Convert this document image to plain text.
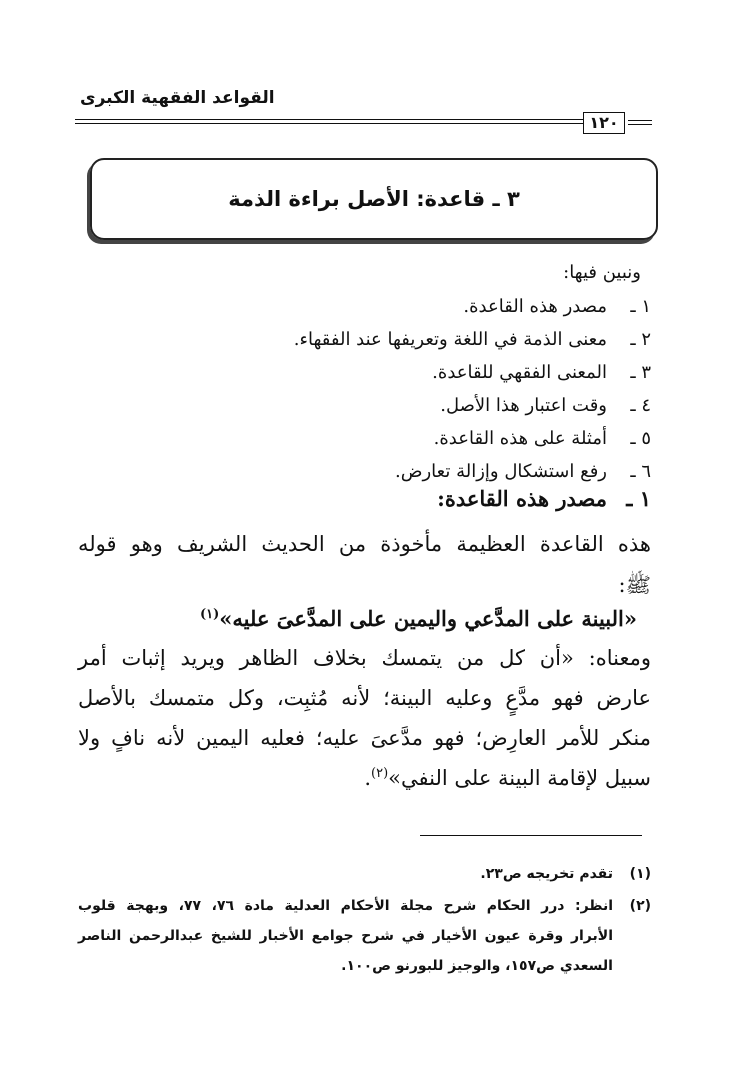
القواعد الفقهية الكبرى
١٢٠
٣ ـ قاعدة: الأصل براءة الذمة
ونبين فيها:
١ ـمصدر هذه القاعدة.
٢ ـمعنى الذمة في اللغة وتعريفها عند الفقهاء.
٣ ـالمعنى الفقهي للقاعدة.
٤ ـوقت اعتبار هذا الأصل.
٥ ـأمثلة على هذه القاعدة.
٦ ـرفع استشكال وإزالة تعارض.
١ ـمصدر هذه القاعدة:
هذه القاعدة العظيمة مأخوذة من الحديث الشريف وهو قوله
ﷺ:
«البينة على المدَّعي واليمين على المدَّعىَ عليه»$^{(١)}$
ومعناه: «أن كل من يتمسك بخلاف الظاهر ويريد إثبات أمر
عارض فهو مدَّعٍ وعليه البينة؛ لأنه مُثبِت، وكل متمسك بالأصل
منكر للأمر العارِض؛ فهو مدَّعىَ عليه؛ فعليه اليمين لأنه نافٍ ولا
سبيل لإقامة البينة على النفي»$^{(٢)}$.
(١)تقدم تخريجه ص٢٣.
(٢)انظر: درر الحكام شرح مجلة الأحكام العدلية مادة ٧٦، ٧٧، وبهجة قلوب
الأبرار وقرة عيون الأخيار في شرح جوامع الأخبار للشيخ عبدالرحمن الناصر
السعدي ص١٥٧، والوجيز للبورنو ص١٠٠.
